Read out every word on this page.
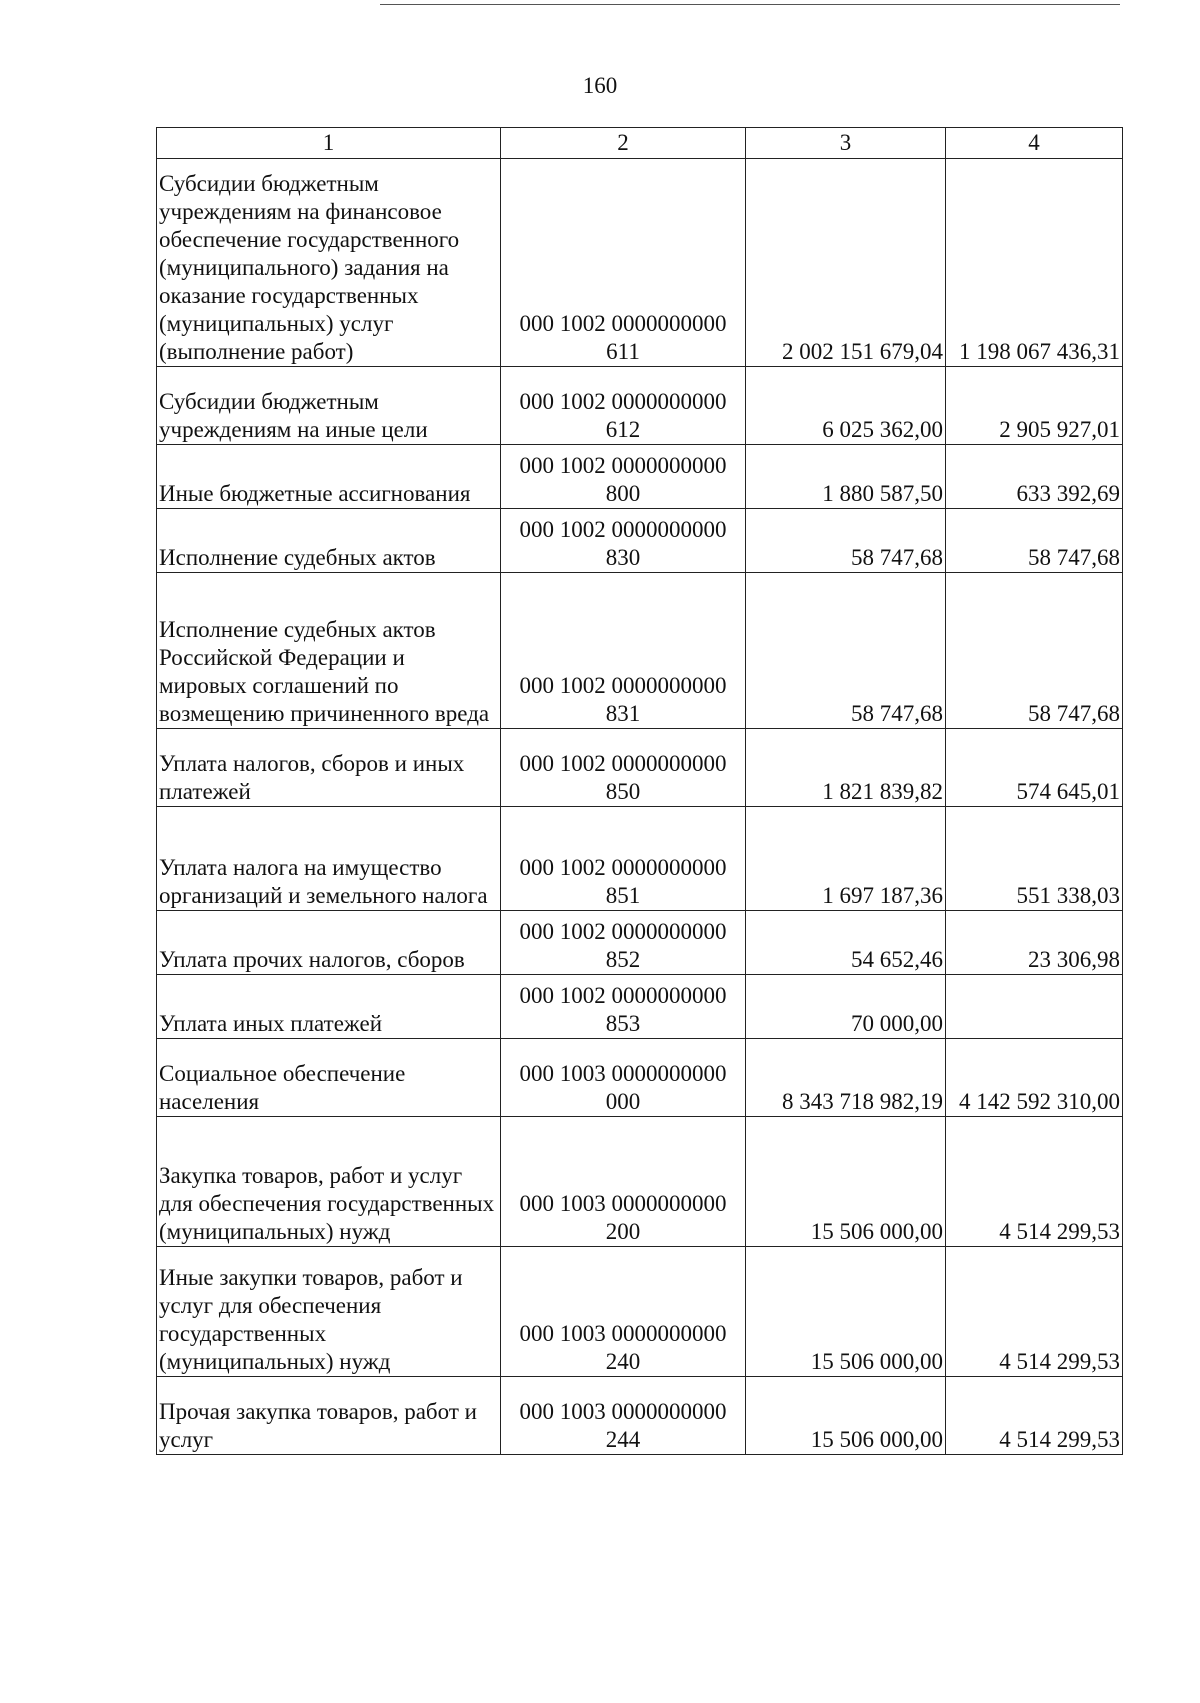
160
1	2	3	4
Субсидии бюджетным учреждениям на финансовое обеспечение государственного (муниципального) задания на оказание государственных (муниципальных) услуг (выполнение работ)	000 1002 0000000000 611	2 002 151 679,04	1 198 067 436,31
Субсидии бюджетным учреждениям на иные цели	000 1002 0000000000 612	6 025 362,00	2 905 927,01
Иные бюджетные ассигнования	000 1002 0000000000 800	1 880 587,50	633 392,69
Исполнение судебных актов	000 1002 0000000000 830	58 747,68	58 747,68
Исполнение судебных актов Российской Федерации и мировых соглашений по возмещению причиненного вреда	000 1002 0000000000 831	58 747,68	58 747,68
Уплата налогов, сборов и иных платежей	000 1002 0000000000 850	1 821 839,82	574 645,01
Уплата налога на имущество организаций и земельного налога	000 1002 0000000000 851	1 697 187,36	551 338,03
Уплата прочих налогов, сборов	000 1002 0000000000 852	54 652,46	23 306,98
Уплата иных платежей	000 1002 0000000000 853	70 000,00	
Социальное обеспечение населения	000 1003 0000000000 000	8 343 718 982,19	4 142 592 310,00
Закупка товаров, работ и услуг для обеспечения государственных (муниципальных) нужд	000 1003 0000000000 200	15 506 000,00	4 514 299,53
Иные закупки товаров, работ и услуг для обеспечения государственных (муниципальных) нужд	000 1003 0000000000 240	15 506 000,00	4 514 299,53
Прочая закупка товаров, работ и услуг	000 1003 0000000000 244	15 506 000,00	4 514 299,53
